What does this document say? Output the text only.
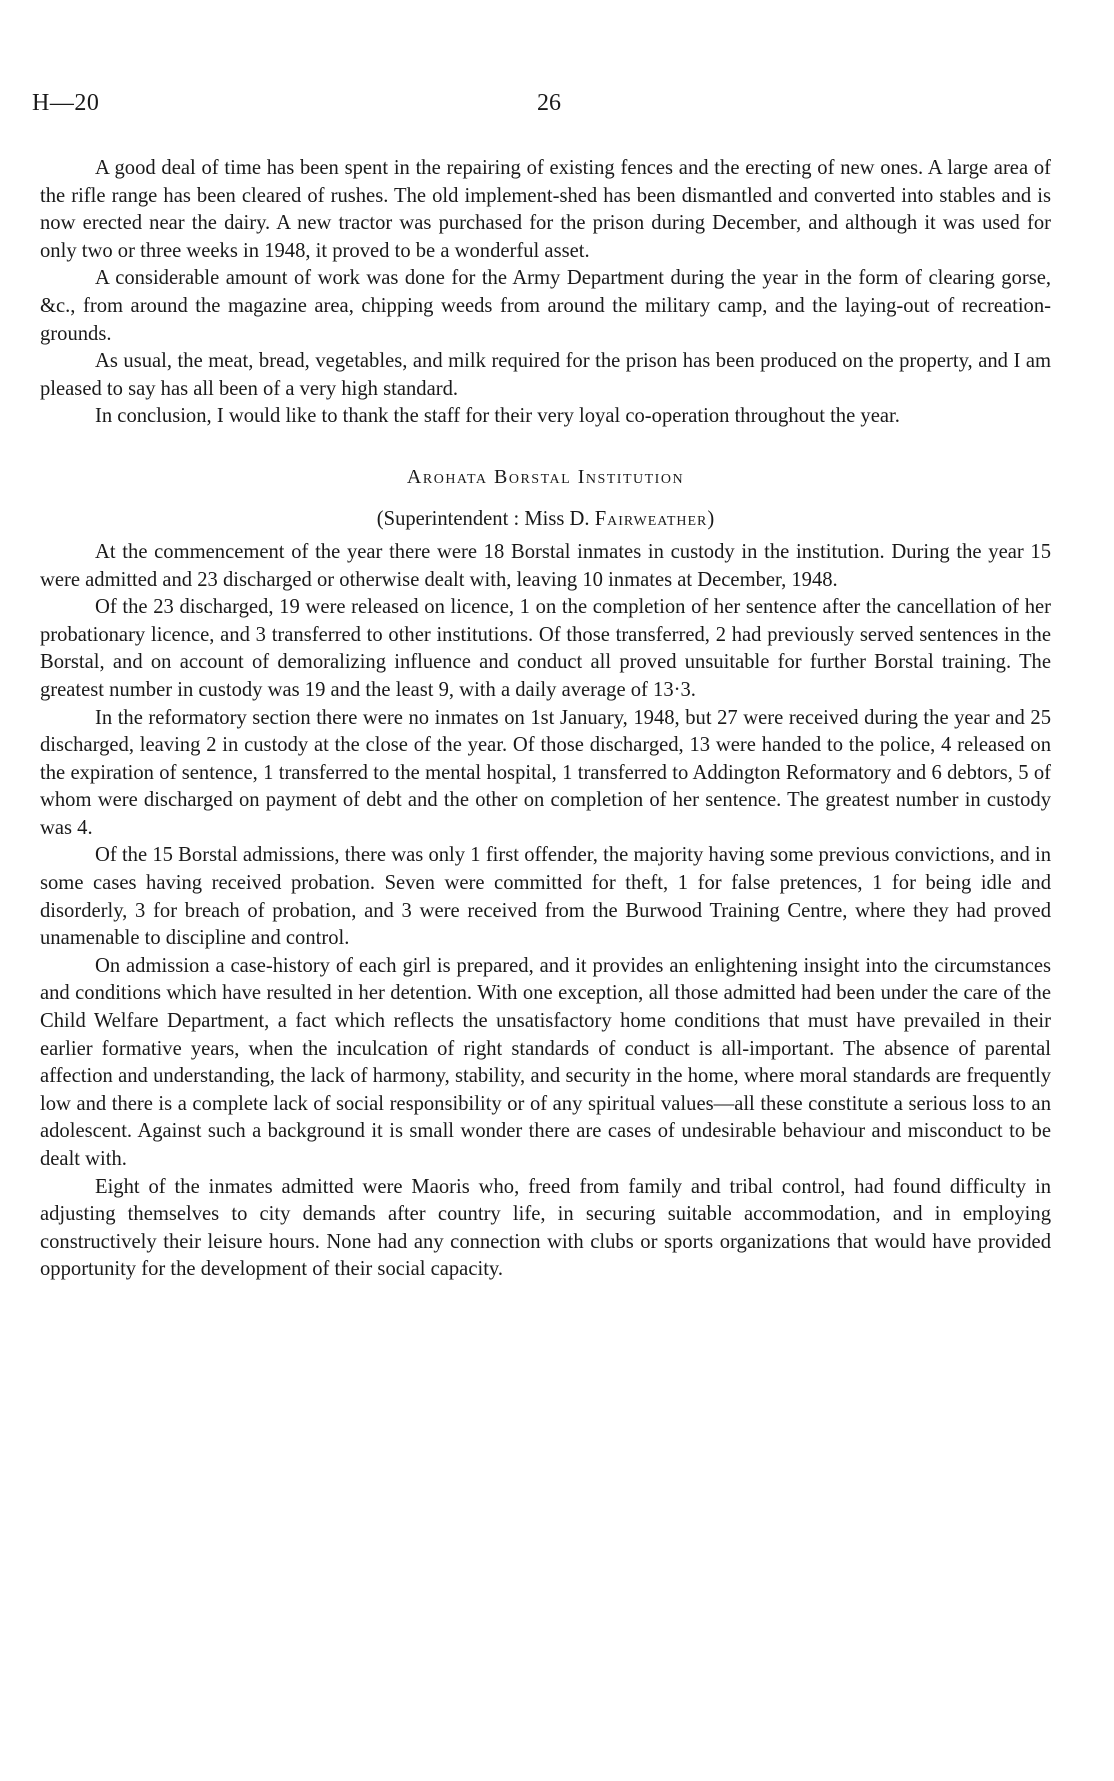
H—20	26

A good deal of time has been spent in the repairing of existing fences and the erecting of new ones. A large area of the rifle range has been cleared of rushes. The old implement-shed has been dismantled and converted into stables and is now erected near the dairy. A new tractor was purchased for the prison during December, and although it was used for only two or three weeks in 1948, it proved to be a wonderful asset.

A considerable amount of work was done for the Army Department during the year in the form of clearing gorse, &c., from around the magazine area, chipping weeds from around the military camp, and the laying-out of recreation-grounds.

As usual, the meat, bread, vegetables, and milk required for the prison has been produced on the property, and I am pleased to say has all been of a very high standard.

In conclusion, I would like to thank the staff for their very loyal co-operation throughout the year.

Arohata Borstal Institution

(Superintendent : Miss D. Fairweather)

At the commencement of the year there were 18 Borstal inmates in custody in the institution. During the year 15 were admitted and 23 discharged or otherwise dealt with, leaving 10 inmates at December, 1948.

Of the 23 discharged, 19 were released on licence, 1 on the completion of her sentence after the cancellation of her probationary licence, and 3 transferred to other institutions. Of those transferred, 2 had previously served sentences in the Borstal, and on account of demoralizing influence and conduct all proved unsuitable for further Borstal training. The greatest number in custody was 19 and the least 9, with a daily average of 13·3.

In the reformatory section there were no inmates on 1st January, 1948, but 27 were received during the year and 25 discharged, leaving 2 in custody at the close of the year. Of those discharged, 13 were handed to the police, 4 released on the expiration of sentence, 1 transferred to the mental hospital, 1 transferred to Addington Reformatory and 6 debtors, 5 of whom were discharged on payment of debt and the other on completion of her sentence. The greatest number in custody was 4.

Of the 15 Borstal admissions, there was only 1 first offender, the majority having some previous convictions, and in some cases having received probation. Seven were committed for theft, 1 for false pretences, 1 for being idle and disorderly, 3 for breach of probation, and 3 were received from the Burwood Training Centre, where they had proved unamenable to discipline and control.

On admission a case-history of each girl is prepared, and it provides an enlightening insight into the circumstances and conditions which have resulted in her detention. With one exception, all those admitted had been under the care of the Child Welfare Department, a fact which reflects the unsatisfactory home conditions that must have prevailed in their earlier formative years, when the inculcation of right standards of conduct is all-important. The absence of parental affection and understanding, the lack of harmony, stability, and security in the home, where moral standards are frequently low and there is a complete lack of social responsibility or of any spiritual values—all these constitute a serious loss to an adolescent. Against such a background it is small wonder there are cases of undesirable behaviour and misconduct to be dealt with.

Eight of the inmates admitted were Maoris who, freed from family and tribal control, had found difficulty in adjusting themselves to city demands after country life, in securing suitable accommodation, and in employing constructively their leisure hours. None had any connection with clubs or sports organizations that would have provided opportunity for the development of their social capacity.
